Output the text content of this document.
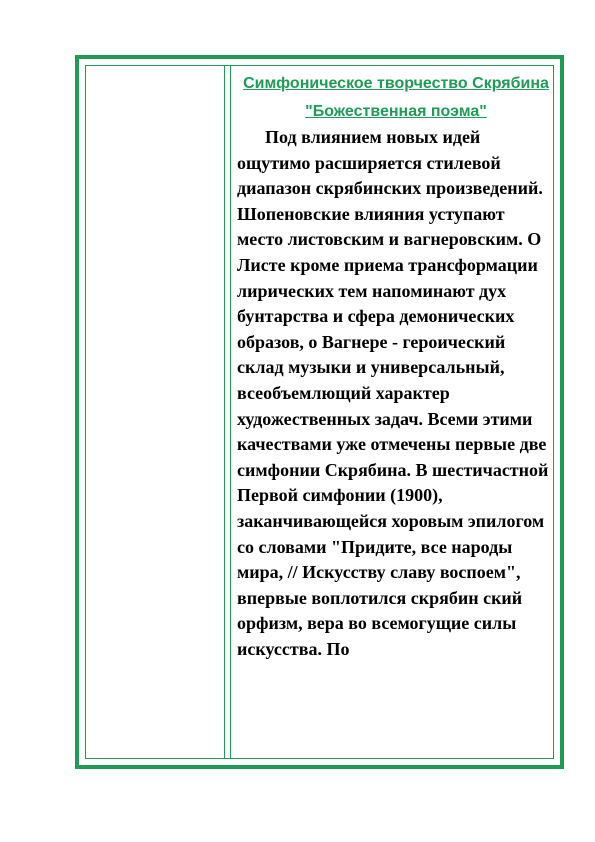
Симфоническое творчество Скрябина

"Божественная поэма"

Под влиянием новых идей ощутимо расширяется стилевой диапазон скрябинских произведений. Шопеновские влияния уступают место листовским и вагнеровским. О Листе кроме приема трансформации лирических тем напоминают дух бунтарства и сфера демонических образов, о Вагнере - героический склад музыки и универсальный, всеобъемлющий характер художественных задач. Всеми этими качествами уже отмечены первые две симфонии Скрябина. В шестичастной Первой симфонии (1900), заканчивающейся хоровым эпилогом со словами "Придите, все народы мира, // Искусству славу воспоем", впервые воплотился скрябин ский орфизм, вера во всемогущие силы искусства. По
